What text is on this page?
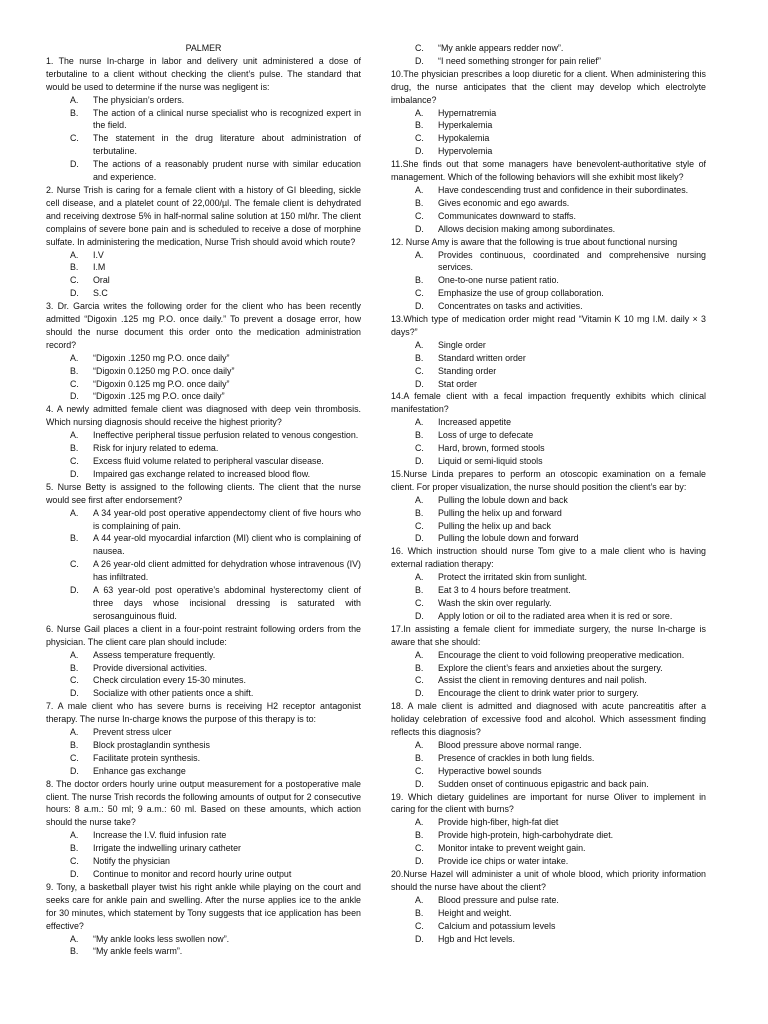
PALMER

1. The nurse In-charge in labor and delivery unit administered a dose of terbutaline to a client without checking the client’s pulse. The standard that would be used to determine if the nurse was negligent is:
A.	The physician’s orders.
B.	The action of a clinical nurse specialist who is recognized expert in the field.
C.	The statement in the drug literature about administration of terbutaline.
D.	The actions of a reasonably prudent nurse with similar education and experience.
2. Nurse Trish is caring for a female client with a history of GI bleeding, sickle cell disease, and a platelet count of 22,000/µl. The female client is dehydrated and receiving dextrose 5% in half-normal saline solution at 150 ml/hr. The client complains of severe bone pain and is scheduled to receive a dose of morphine sulfate. In administering the medication, Nurse Trish should avoid which route?
A.	I.V
B.	I.M
C.	Oral
D.	S.C
3. Dr. Garcia writes the following order for the client who has been recently admitted “Digoxin .125 mg P.O. once daily.” To prevent a dosage error, how should the nurse document this order onto the medication administration record?
A.	“Digoxin .1250 mg P.O. once daily”
B.	“Digoxin 0.1250 mg P.O. once daily”
C.	“Digoxin 0.125 mg P.O. once daily”
D.	“Digoxin .125 mg P.O. once daily”
4. A newly admitted female client was diagnosed with deep vein thrombosis. Which nursing diagnosis should receive the highest priority?
A.	Ineffective peripheral tissue perfusion related to venous congestion.
B.	Risk for injury related to edema.
C.	Excess fluid volume related to peripheral vascular disease.
D.	Impaired gas exchange related to increased blood flow.
5. Nurse Betty is assigned to the following clients. The client that the nurse would see first after endorsement?
A.	A 34 year-old post operative appendectomy client of five hours who is complaining of pain.
B.	A 44 year-old myocardial infarction (MI) client who is complaining of nausea.
C.	A 26 year-old client admitted for dehydration whose intravenous (IV) has infiltrated.
D.	A 63 year-old post operative’s abdominal hysterectomy client of three days whose incisional dressing is saturated with serosanguinous fluid.
6. Nurse Gail places a client in a four-point restraint following orders from the physician. The client care plan should include:
A.	Assess temperature frequently.
B.	Provide diversional activities.
C.	Check circulation every 15-30 minutes.
D.	Socialize with other patients once a shift.
7. A male client who has severe burns is receiving H2 receptor antagonist therapy. The nurse In-charge knows the purpose of this therapy is to:
A.	Prevent stress ulcer
B.	Block prostaglandin synthesis
C.	Facilitate protein synthesis.
D.	Enhance gas exchange
8. The doctor orders hourly urine output measurement for a postoperative male client. The nurse Trish records the following amounts of output for 2 consecutive hours: 8 a.m.: 50 ml; 9 a.m.: 60 ml. Based on these amounts, which action should the nurse take?
A.	Increase the I.V. fluid infusion rate
B.	Irrigate the indwelling urinary catheter
C.	Notify the physician
D.	Continue to monitor and record hourly urine output
9. Tony, a basketball player twist his right ankle while playing on the court and seeks care for ankle pain and swelling. After the nurse applies ice to the ankle for 30 minutes, which statement by Tony suggests that ice application has been effective?
A.	“My ankle looks less swollen now”.
B.	“My ankle feels warm”.
C.	“My ankle appears redder now”.
D.	“I need something stronger for pain relief”
10.The physician prescribes a loop diuretic for a client. When administering this drug, the nurse anticipates that the client may develop which electrolyte imbalance?
A.	Hypernatremia
B.	Hyperkalemia
C.	Hypokalemia
D.	Hypervolemia
11.She finds out that some managers have benevolent-authoritative style of management. Which of the following behaviors will she exhibit most likely?
A.	Have condescending trust and confidence in their subordinates.
B.	Gives economic and ego awards.
C.	Communicates downward to staffs.
D.	Allows decision making among subordinates.
12. Nurse Amy is aware that the following is true about functional nursing
A.	Provides continuous, coordinated and comprehensive nursing services.
B.	One-to-one nurse patient ratio.
C.	Emphasize the use of group collaboration.
D.	Concentrates on tasks and activities.
13.Which type of medication order might read “Vitamin K 10 mg I.M. daily × 3 days?”
A.	Single order
B.	Standard written order
C.	Standing order
D.	Stat order
14.A female client with a fecal impaction frequently exhibits which clinical manifestation?
A.	Increased appetite
B.	Loss of urge to defecate
C.	Hard, brown, formed stools
D.	Liquid or semi-liquid stools
15.Nurse Linda prepares to perform an otoscopic examination on a female client. For proper visualization, the nurse should position the client’s ear by:
A.	Pulling the lobule down and back
B.	Pulling the helix up and forward
C.	Pulling the helix up and back
D.	Pulling the lobule down and forward
16. Which instruction should nurse Tom give to a male client who is having external radiation therapy:
A.	Protect the irritated skin from sunlight.
B.	Eat 3 to 4 hours before treatment.
C.	Wash the skin over regularly.
D.	Apply lotion or oil to the radiated area when it is red or sore.
17.In assisting a female client for immediate surgery, the nurse In-charge is aware that she should:
A.	Encourage the client to void following preoperative medication.
B.	Explore the client’s fears and anxieties about the surgery.
C.	Assist the client in removing dentures and nail polish.
D.	Encourage the client to drink water prior to surgery.
18. A male client is admitted and diagnosed with acute pancreatitis after a holiday celebration of excessive food and alcohol. Which assessment finding reflects this diagnosis?
A.	Blood pressure above normal range.
B.	Presence of crackles in both lung fields.
C.	Hyperactive bowel sounds
D.	Sudden onset of continuous epigastric and back pain.
19. Which dietary guidelines are important for nurse Oliver to implement in caring for the client with burns?
A.	Provide high-fiber, high-fat diet
B.	Provide high-protein, high-carbohydrate diet.
C.	Monitor intake to prevent weight gain.
D.	Provide ice chips or water intake.
20.Nurse Hazel will administer a unit of whole blood, which priority information should the nurse have about the client?
A.	Blood pressure and pulse rate.
B.	Height and weight.
C.	Calcium and potassium levels
D.	Hgb and Hct levels.
